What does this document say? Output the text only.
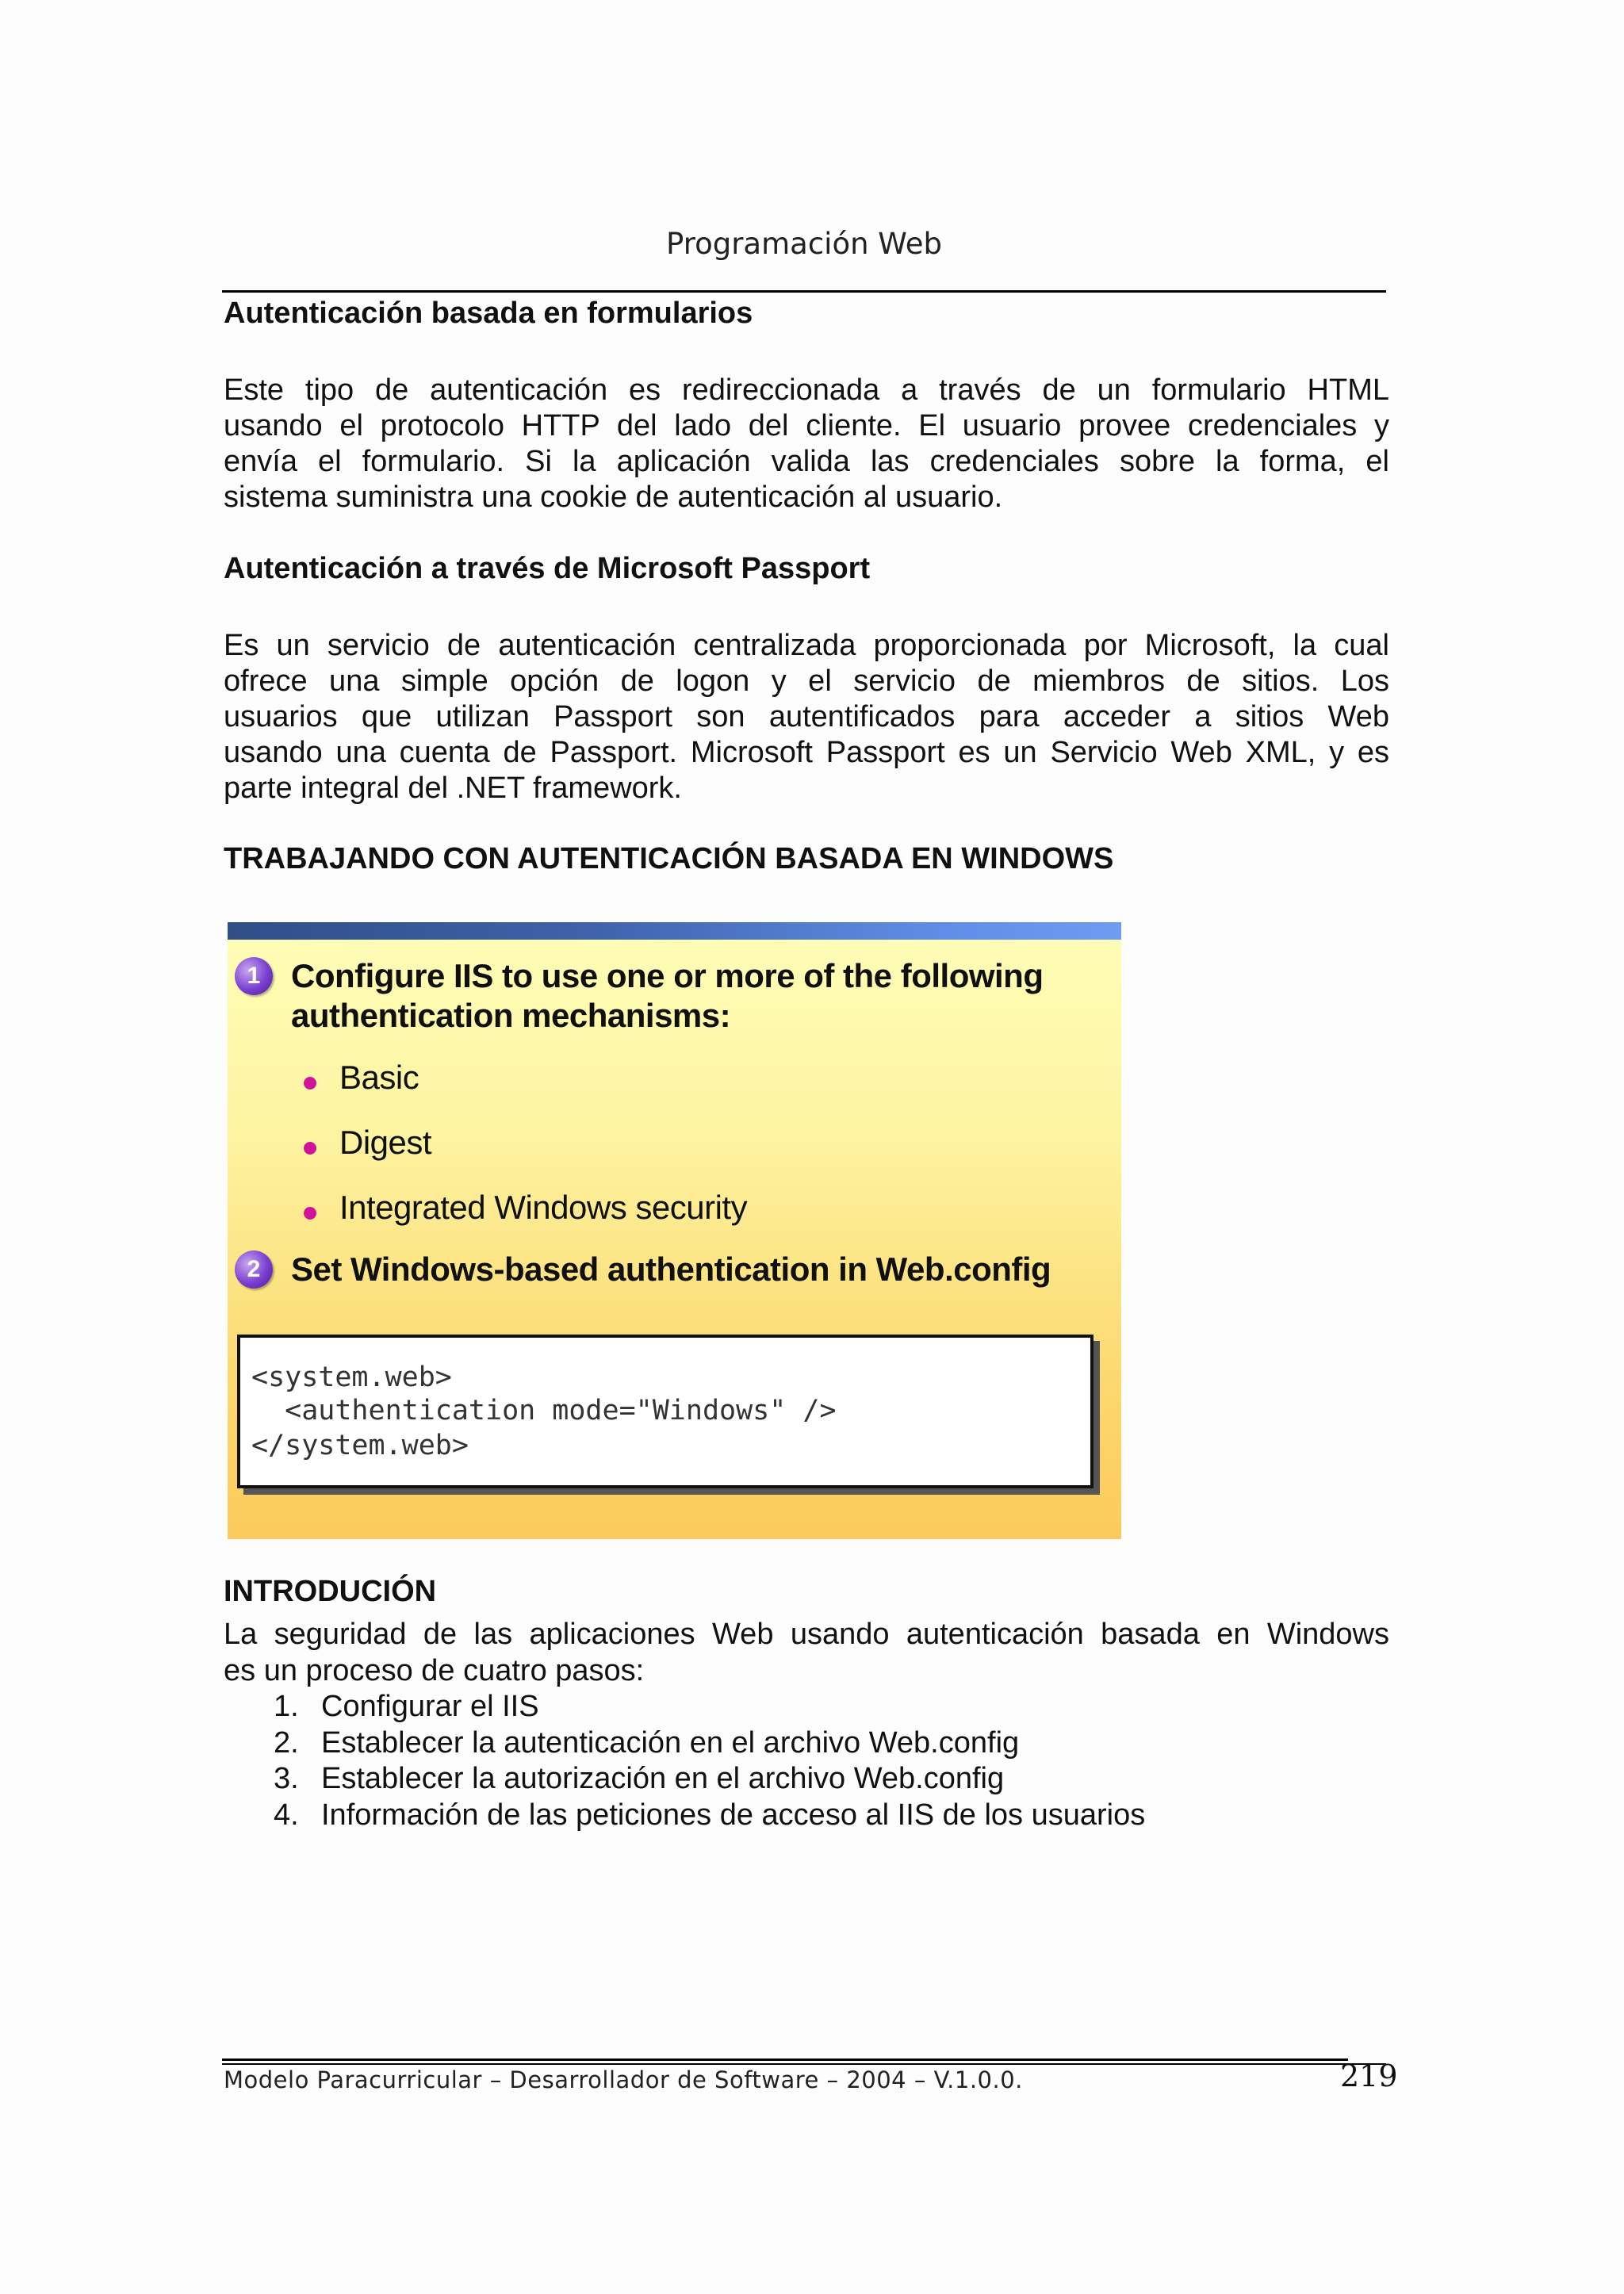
Programación Web
Autenticación basada en formularios
Este tipo de autenticación es redireccionada a través de un formulario HTML
usando el protocolo HTTP del lado del cliente. El usuario provee credenciales y
envía el formulario. Si la aplicación valida las credenciales sobre la forma, el
sistema suministra una cookie de autenticación al usuario.
Autenticación a través de Microsoft Passport
Es un servicio de autenticación centralizada proporcionada por Microsoft, la cual
ofrece una simple opción de logon y el servicio de miembros de sitios. Los
usuarios que utilizan Passport son autentificados para acceder a sitios Web
usando una cuenta de Passport. Microsoft Passport es un Servicio Web XML, y es
parte integral del .NET framework.
TRABAJANDO CON AUTENTICACIÓN BASADA EN WINDOWS
1 Configure IIS to use one or more of the following
authentication mechanisms:
Basic
Digest
Integrated Windows security
2 Set Windows-based authentication in Web.config
<system.web>
<authentication mode="Windows" />
</system.web>
INTRODUCIÓN
La seguridad de las aplicaciones Web usando autenticación basada en Windows
es un proceso de cuatro pasos:
1. Configurar el IIS
2. Establecer la autenticación en el archivo Web.config
3. Establecer la autorización en el archivo Web.config
4. Información de las peticiones de acceso al IIS de los usuarios
Modelo Paracurricular – Desarrollador de Software – 2004 – V.1.0.0.	219
